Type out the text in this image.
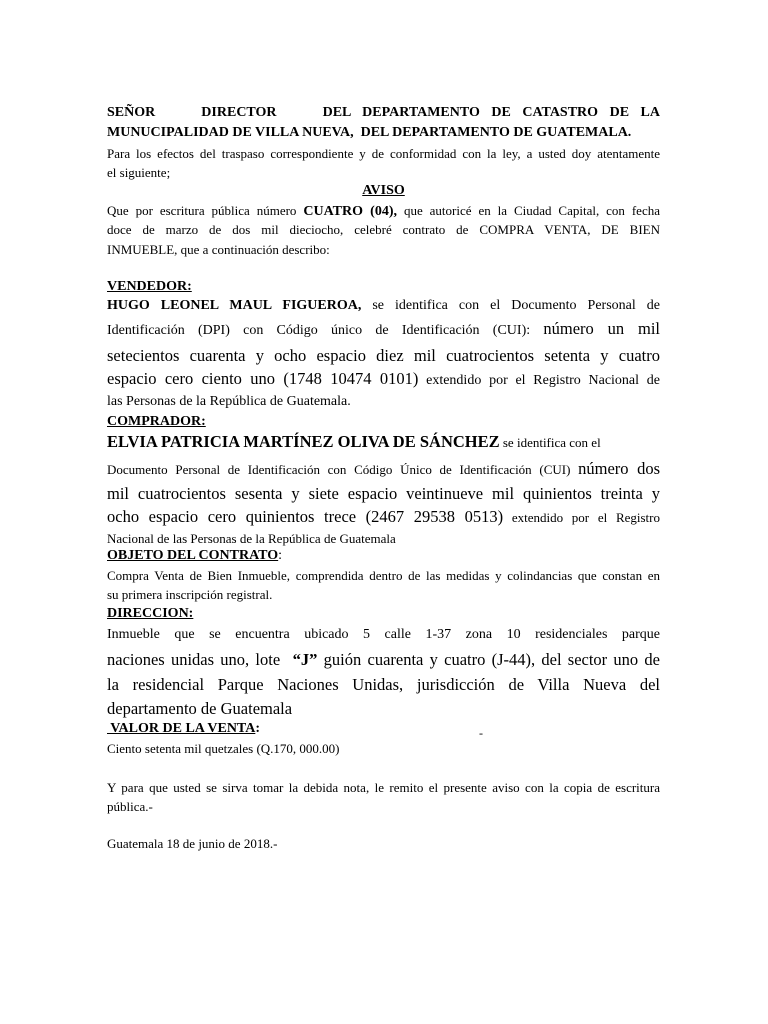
SEÑOR    DIRECTOR    DEL DEPARTAMENTO DE CATASTRO DE LA

MUNUCIPALIDAD DE VILLA NUEVA,  DEL DEPARTAMENTO DE GUATEMALA.

Para los efectos del traspaso correspondiente y de conformidad con la ley, a usted doy atentamente

el siguiente;

AVISO

Que por escritura pública número CUATRO (04), que autoricé en la Ciudad Capital, con fecha

doce de marzo de dos mil dieciocho, celebré contrato de COMPRA VENTA, DE BIEN

INMUEBLE, que a continuación describo:

VENDEDOR:

HUGO LEONEL MAUL FIGUEROA, se identifica con el Documento Personal de

Identificación (DPI) con Código único de Identificación (CUI): número un mil

setecientos cuarenta y ocho espacio diez mil cuatrocientos setenta y cuatro

espacio cero ciento uno (1748 10474 0101) extendido por el Registro Nacional de

las Personas de la República de Guatemala.

COMPRADOR:

ELVIA PATRICIA MARTÍNEZ OLIVA DE SÁNCHEZ se identifica con el

Documento Personal de Identificación con Código Único de Identificación (CUI) número dos

mil cuatrocientos sesenta y siete espacio veintinueve mil quinientos treinta y

ocho espacio cero quinientos trece (2467 29538 0513) extendido por el Registro

Nacional de las Personas de la República de Guatemala

OBJETO DEL CONTRATO:

Compra Venta de Bien Inmueble, comprendida dentro de las medidas y colindancias que constan en

su primera inscripción registral.

DIRECCION:

Inmueble que se encuentra ubicado 5 calle 1-37 zona 10 residenciales parque

naciones unidas uno, lote  “J” guión cuarenta y cuatro (J-44), del sector uno de

la residencial Parque Naciones Unidas, jurisdicción de Villa Nueva del

departamento de Guatemala

VALOR DE LA VENTA:	-

Ciento setenta mil quetzales (Q.170, 000.00)

Y para que usted se sirva tomar la debida nota, le remito el presente aviso con la copia de escritura

pública.-

Guatemala 18 de junio de 2018.-
